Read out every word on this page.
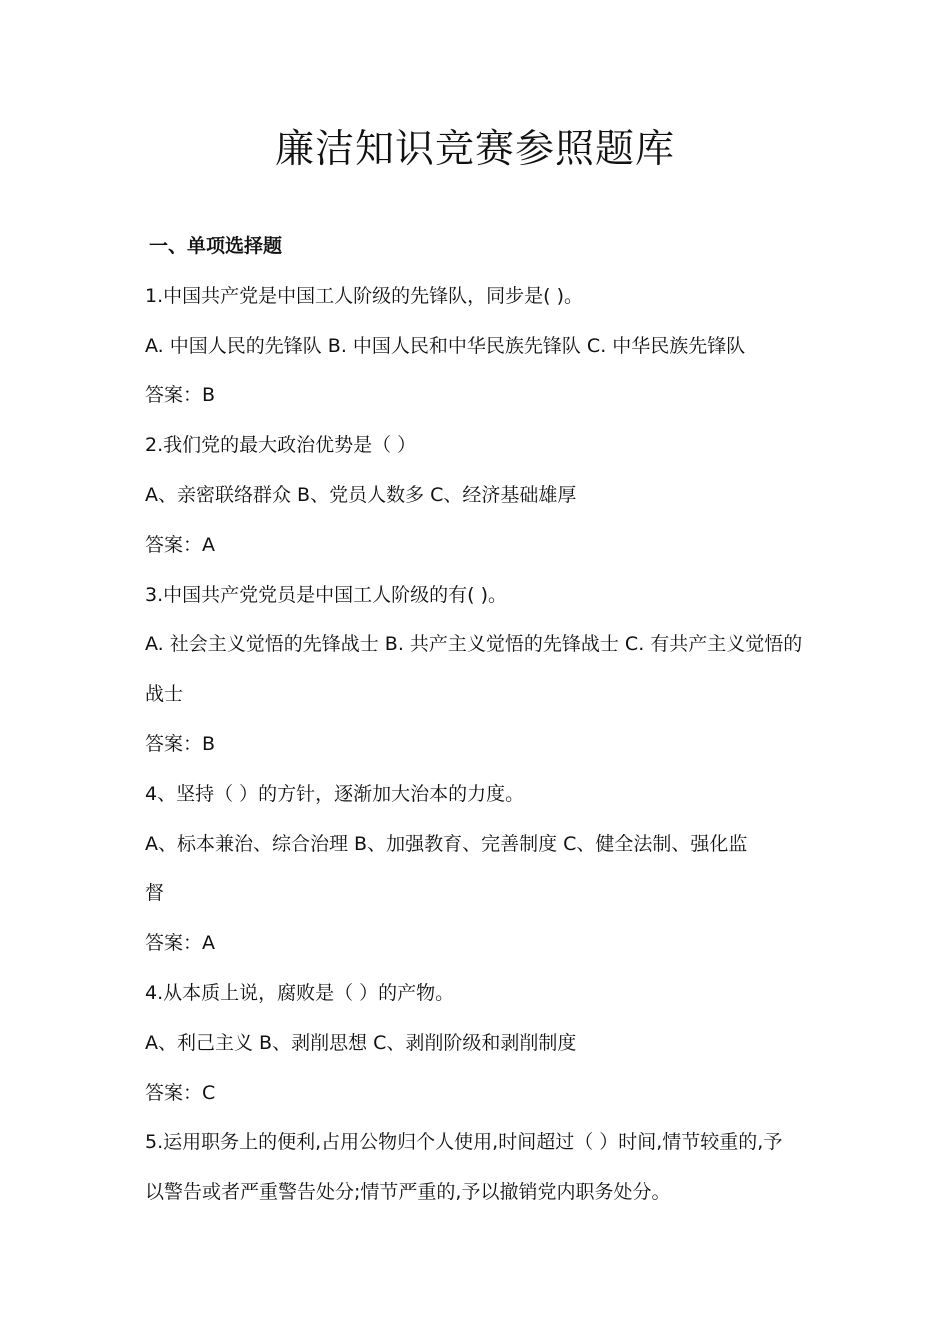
廉洁知识竞赛参照题库

一、单项选择题

1.中国共产党是中国工人阶级的先锋队，同步是( )。

A. 中国人民的先锋队 B. 中国人民和中华民族先锋队 C. 中华民族先锋队

答案：B

2.我们党的最大政治优势是（ ）

A、亲密联络群众 B、党员人数多 C、经济基础雄厚

答案：A

3.中国共产党党员是中国工人阶级的有( )。

A. 社会主义觉悟的先锋战士 B. 共产主义觉悟的先锋战士 C. 有共产主义觉悟的

战士

答案：B

4、坚持（ ）的方针，逐渐加大治本的力度。

A、标本兼治、综合治理 B、加强教育、完善制度 C、健全法制、强化监

督

答案：A

4.从本质上说，腐败是（ ）的产物。

A、利己主义 B、剥削思想 C、剥削阶级和剥削制度

答案：C

5.运用职务上的便利,占用公物归个人使用,时间超过（ ）时间,情节较重的,予

以警告或者严重警告处分;情节严重的,予以撤销党内职务处分。
